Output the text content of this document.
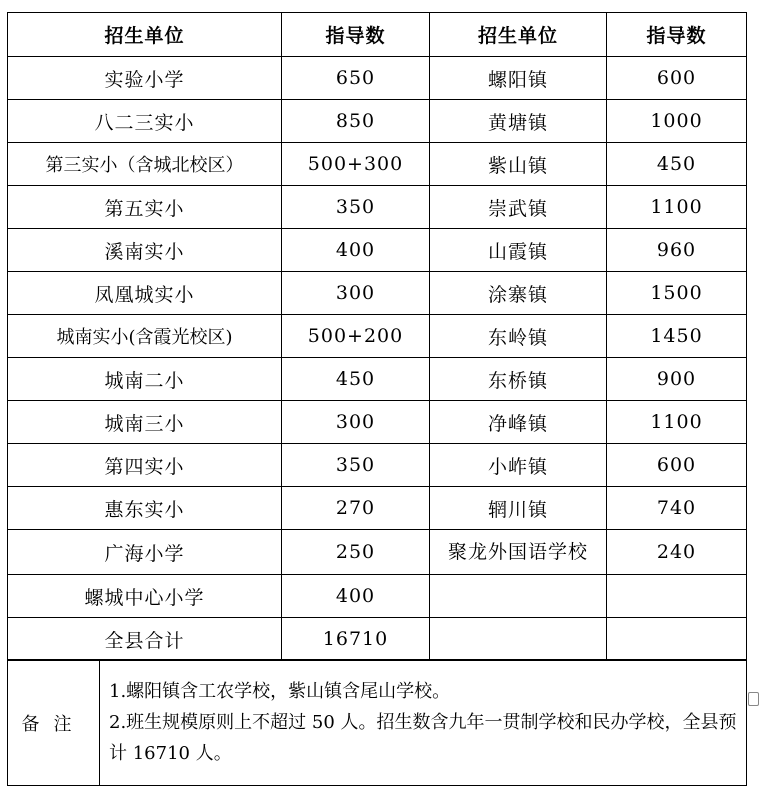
招生单位	指导数	招生单位	指导数
实验小学	650	螺阳镇	600
八二三实小	850	黄塘镇	1000
第三实小（含城北校区）	500+300	紫山镇	450
第五实小	350	崇武镇	1100
溪南实小	400	山霞镇	960
凤凰城实小	300	涂寨镇	1500
城南实小(含霞光校区)	500+200	东岭镇	1450
城南二小	450	东桥镇	900
城南三小	300	净峰镇	1100
第四实小	350	小岞镇	600
惠东实小	270	辋川镇	740
广海小学	250	聚龙外国语学校	240
螺城中心小学	400		
全县合计	16710		
备注	
1.螺阳镇含工农学校，紫山镇含尾山学校。
2.班生规模原则上不超过 50 人。招生数含九年一贯制学校和民办学校，全县预计 16710 人。
